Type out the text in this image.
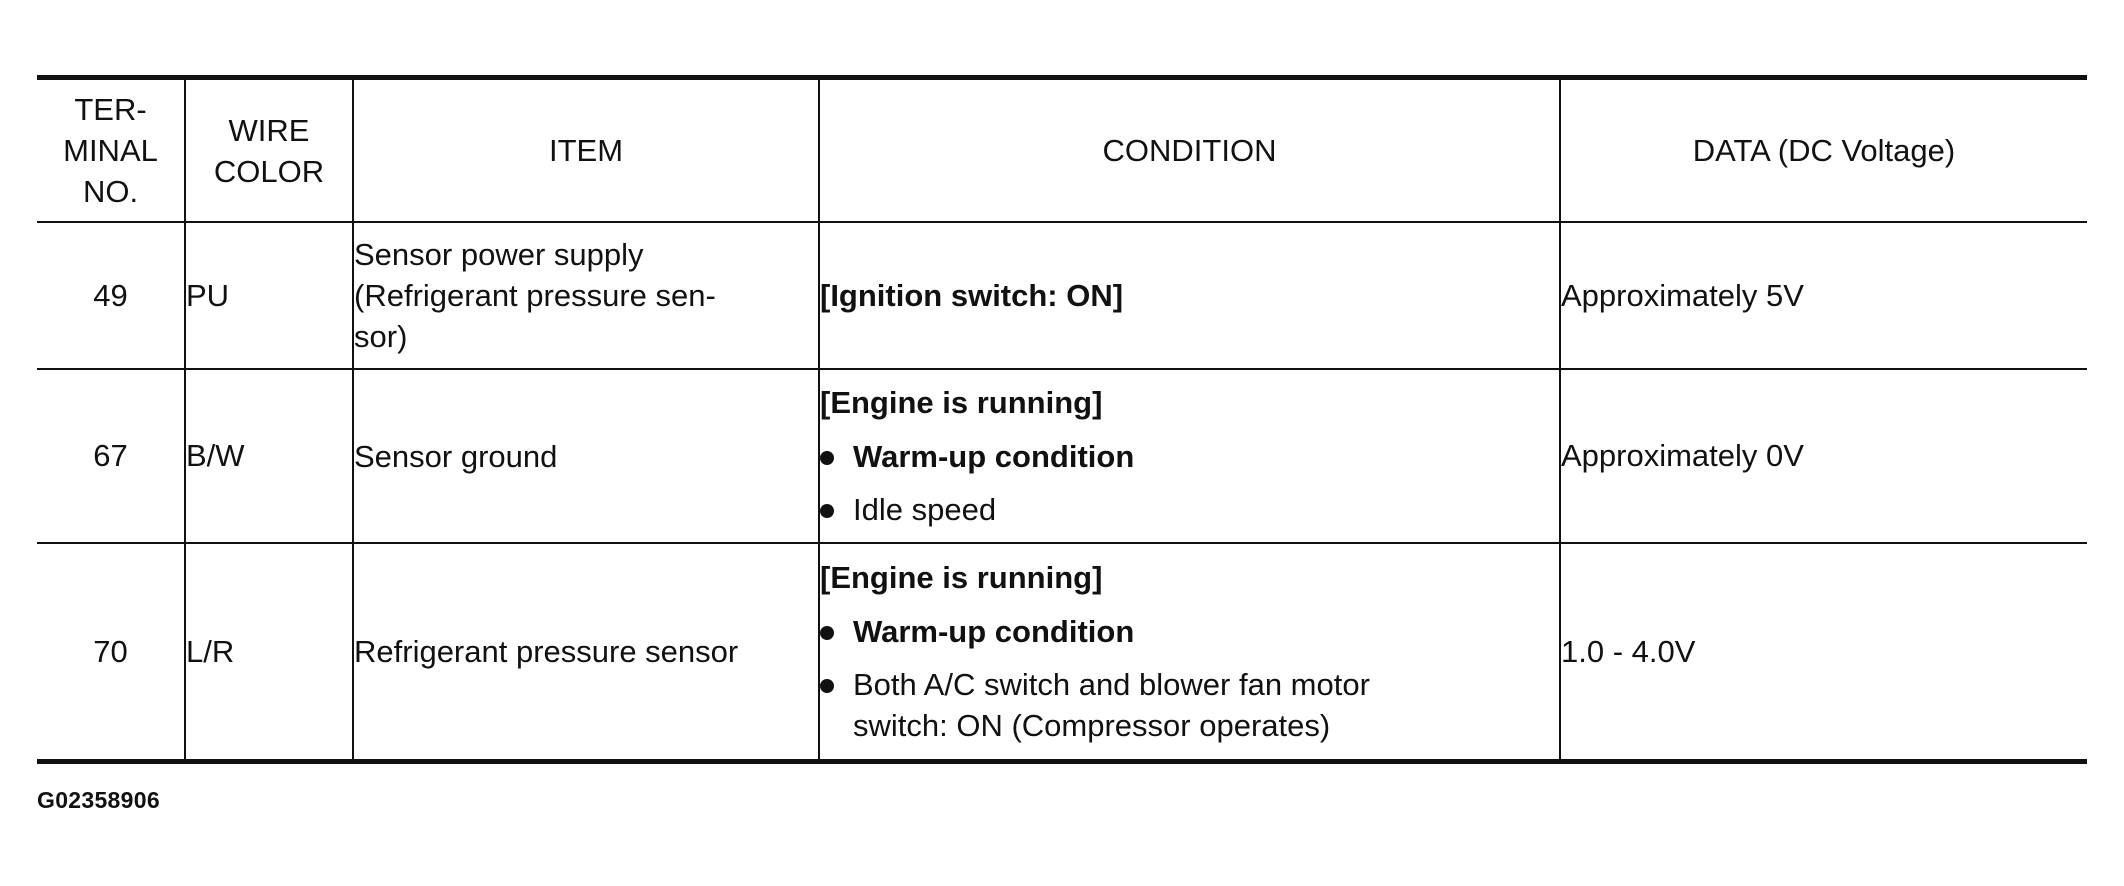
TER-
MINAL
NO.	WIRE
COLOR	ITEM	CONDITION	DATA (DC Voltage)
49	PU	Sensor power supply
(Refrigerant pressure sen-
sor)	[Ignition switch: ON]	Approximately 5V
67	B/W	Sensor ground	[Engine is running]
Warm-up condition
Idle speed	Approximately 0V
70	L/R	Refrigerant pressure sensor	[Engine is running]
Warm-up condition
Both A/C switch and blower fan motor
switch: ON (Compressor operates)	1.0 - 4.0V
G02358906
